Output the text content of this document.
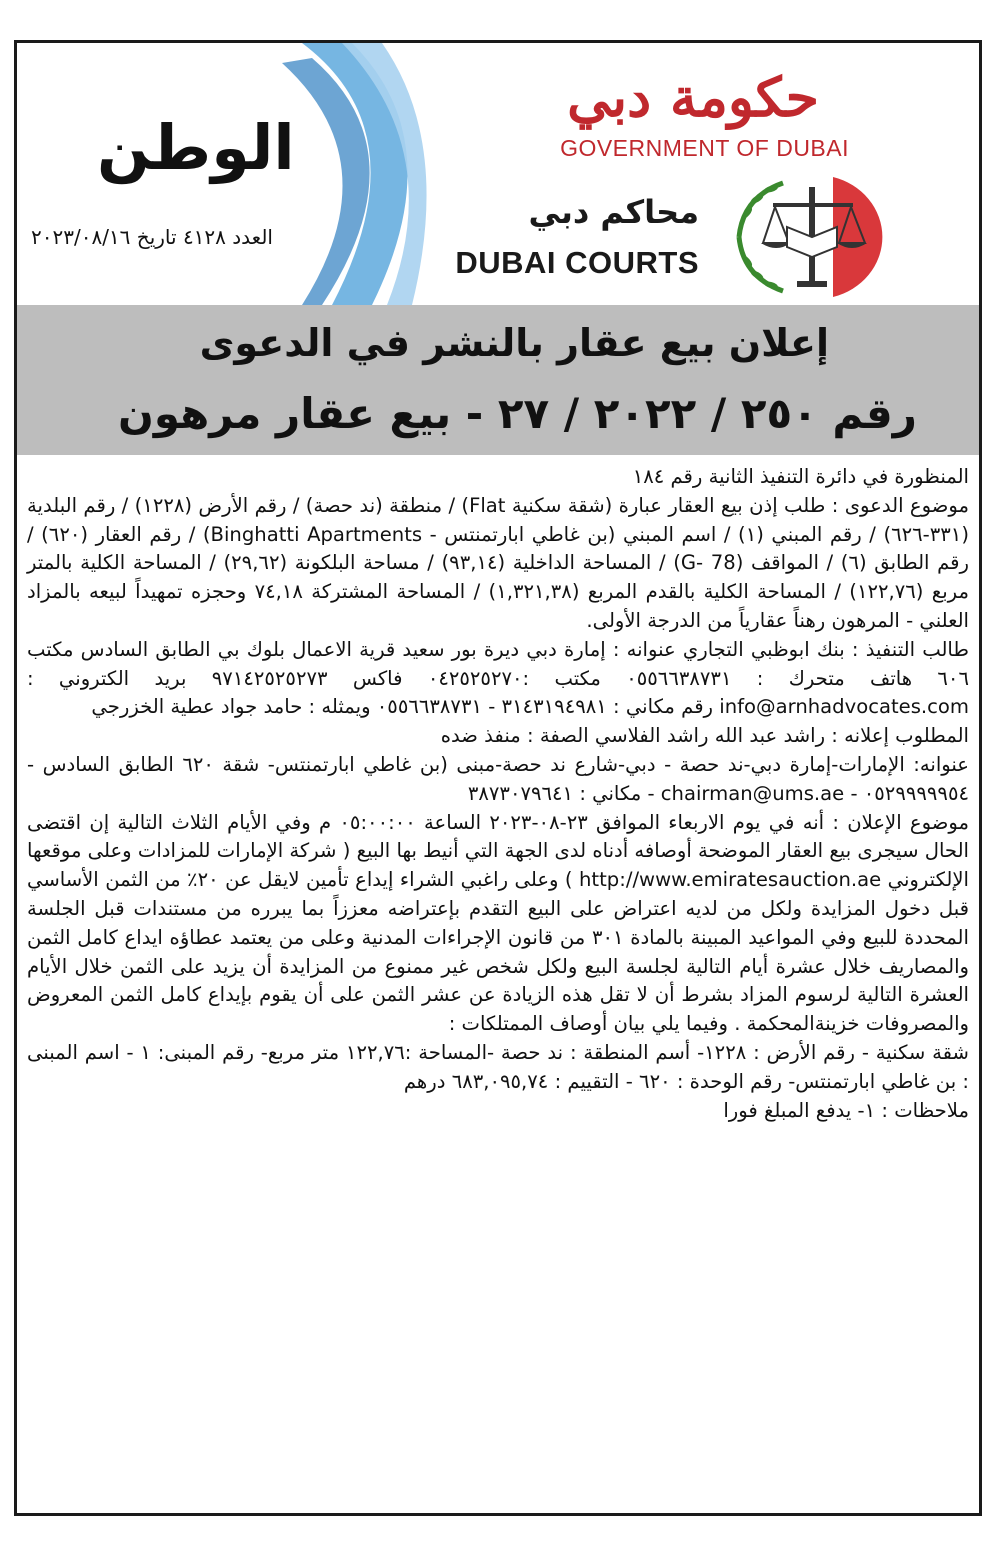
حكومة دبي
GOVERNMENT OF DUBAI
محاكم دبي
DUBAI COURTS
الوطن
العدد ٤١٢٨ تاريخ ٢٠٢٣/٠٨/١٦
إعلان بيع عقار بالنشر في الدعوى
رقم ٢٥٠ / ٢٠٢٢ / ٢٧ - بيع عقار مرهون

المنظورة في دائرة التنفيذ الثانية رقم ١٨٤

موضوع الدعوى : طلب إذن بيع العقار عبارة (شقة سكنية Flat) / منطقة (ند حصة) / رقم الأرض (١٢٢٨) / رقم البلدية (٣٣١-٦٢٦) / رقم المبني (١) / اسم المبني (بن غاطي ابارتمنتس - Binghatti Apartments) / رقم العقار (٦٢٠) / رقم الطابق (٦) / المواقف (G- 78) / المساحة الداخلية (٩٣,١٤) / مساحة البلكونة (٢٩,٦٢) / المساحة الكلية بالمتر مربع (١٢٢,٧٦) / المساحة الكلية بالقدم المربع (١,٣٢١,٣٨) / المساحة المشتركة ٧٤,١٨ وحجزه تمهيداً لبيعه بالمزاد العلني - المرهون رهناً عقارياً من الدرجة الأولى.

طالب التنفيذ : بنك ابوظبي التجاري عنوانه : إمارة دبي ديرة بور سعيد قرية الاعمال بلوك بي الطابق السادس مكتب ٦٠٦ هاتف متحرك : ٠٥٥٦٦٣٨٧٣١ مكتب :٠٤٢٥٢٥٢٧٠ فاكس ٩٧١٤٢٥٢٥٢٧٣ بريد الكتروني : info@arnhadvocates.com رقم مكاني : ٣١٤٣١٩٤٩٨١ - ٠٥٥٦٦٣٨٧٣١ ويمثله : حامد جواد عطية الخزرجي

المطلوب إعلانه : راشد عبد الله راشد الفلاسي الصفة : منفذ ضده

عنوانه: الإمارات-إمارة دبي-ند حصة - دبي-شارع ند حصة-مبنى (بن غاطي ابارتمنتس- شقة ٦٢٠ الطابق السادس - ٠٥٢٩٩٩٩٩٥٤ - chairman@ums.ae - مكاني : ٣٨٧٣٠٧٩٦٤١

موضوع الإعلان : أنه في يوم الاربعاء الموافق ٢٣-٠٨-٢٠٢٣ الساعة ٠٥:٠٠:٠٠ م وفي الأيام الثلاث التالية إن اقتضى الحال سيجرى بيع العقار الموضحة أوصافه أدناه لدى الجهة التي أنيط بها البيع ( شركة الإمارات للمزادات وعلى موقعها الإلكتروني http://www.emiratesauction.ae ) وعلى راغبي الشراء إيداع تأمين لايقل عن ٢٠٪ من الثمن الأساسي قبل دخول المزايدة ولكل من لديه اعتراض على البيع التقدم بإعتراضه معززاً بما يبرره من مستندات قبل الجلسة المحددة للبيع وفي المواعيد المبينة بالمادة ٣٠١ من قانون الإجراءات المدنية وعلى من يعتمد عطاؤه ايداع كامل الثمن والمصاريف خلال عشرة أيام التالية لجلسة البيع ولكل شخص غير ممنوع من المزايدة أن يزيد على الثمن خلال الأيام العشرة التالية لرسوم المزاد بشرط أن لا تقل هذه الزيادة عن عشر الثمن على أن يقوم بإيداع كامل الثمن المعروض والمصروفات خزينةالمحكمة . وفيما يلي بيان أوصاف الممتلكات :

شقة سكنية - رقم الأرض : ١٢٢٨- أسم المنطقة : ند حصة -المساحة :١٢٢,٧٦ متر مربع- رقم المبنى: ١ - اسم المبنى : بن غاطي ابارتمنتس- رقم الوحدة : ٦٢٠ - التقييم : ٦٨٣,٠٩٥,٧٤ درهم

ملاحظات : ١- يدفع المبلغ فورا
